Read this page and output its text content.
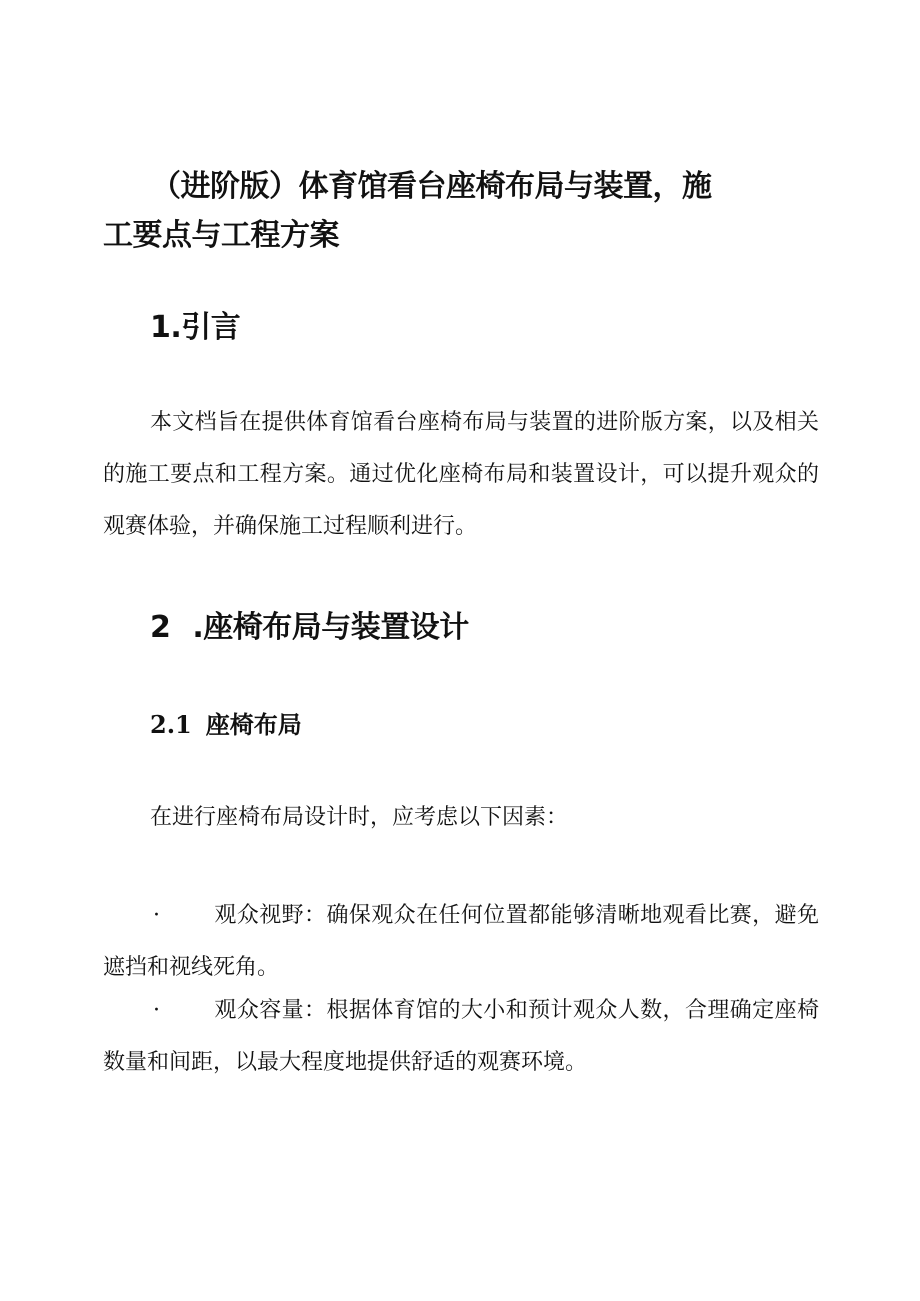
（进阶版）体育馆看台座椅布局与装置，施
工要点与工程方案
1.引言

本文档旨在提供体育馆看台座椅布局与装置的进阶版方案，以及相关的施工要点和工程方案。通过优化座椅布局和装置设计，可以提升观众的观赛体验，并确保施工过程顺利进行。

2 .座椅布局与装置设计
2.1 座椅布局

在进行座椅布局设计时，应考虑以下因素：

· 观众视野：确保观众在任何位置都能够清晰地观看比赛，避免遮挡和视线死角。

· 观众容量：根据体育馆的大小和预计观众人数，合理确定座椅数量和间距，以最大程度地提供舒适的观赛环境。
